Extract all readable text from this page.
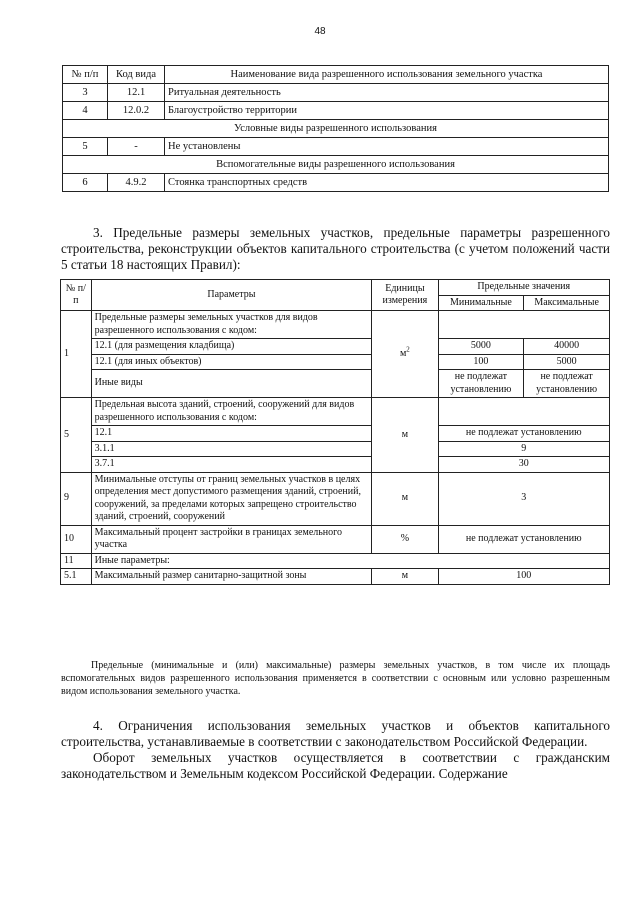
48
№ п/п	Код вида	Наименование вида разрешенного использования земельного участка
3	12.1	Ритуальная деятельность
4	12.0.2	Благоустройство территории
Условные виды разрешенного использования		
5	-	Не установлены
Вспомогательные виды разрешенного использования		
6	4.9.2	Стоянка транспортных средств

3. Предельные размеры земельных участков, предельные параметры разрешенного строительства, реконструкции объектов капитального строительства (с учетом положений части 5 статьи 18 настоящих Правил):

№ п/п	Параметры	Единицы измерения	Предельные значения	
			Минимальные	Максимальные
1	Предельные размеры земельных участков для видов разрешенного использования с кодом:	$м^2$	
	12.1 (для размещения кладбища)		5000	40000
	12.1 (для иных объектов)		100	5000
	Иные виды		не подлежат установлению	не подлежат установлению
5	Предельная высота зданий, строений, сооружений для видов разрешенного использования с кодом:	м		
	12.1		не подлежат установлению	
	3.1.1		9	
	3.7.1		30	
9	Минимальные отступы от границ земельных участков в целях определения мест допустимого размещения зданий, строений, сооружений, за пределами которых запрещено строительство зданий, строений, сооружений	м	3	
10	Максимальный процент застройки в границах земельного участка	%	не подлежат установлению	
11	Иные параметры:			
5.1	Максимальный размер санитарно-защитной зоны	м	100	

Предельные (минимальные и (или) максимальные) размеры земельных участков, в том числе их площадь вспомогательных видов разрешенного использования применяется в соответствии с основным или условно разрешенным видом использования земельного участка.

4. Ограничения использования земельных участков и объектов капитального строительства, устанавливаемые в соответствии с законодательством Российской Федерации.

Оборот земельных участков осуществляется в соответствии с гражданским законодательством и Земельным кодексом Российской Федерации. Содержание
